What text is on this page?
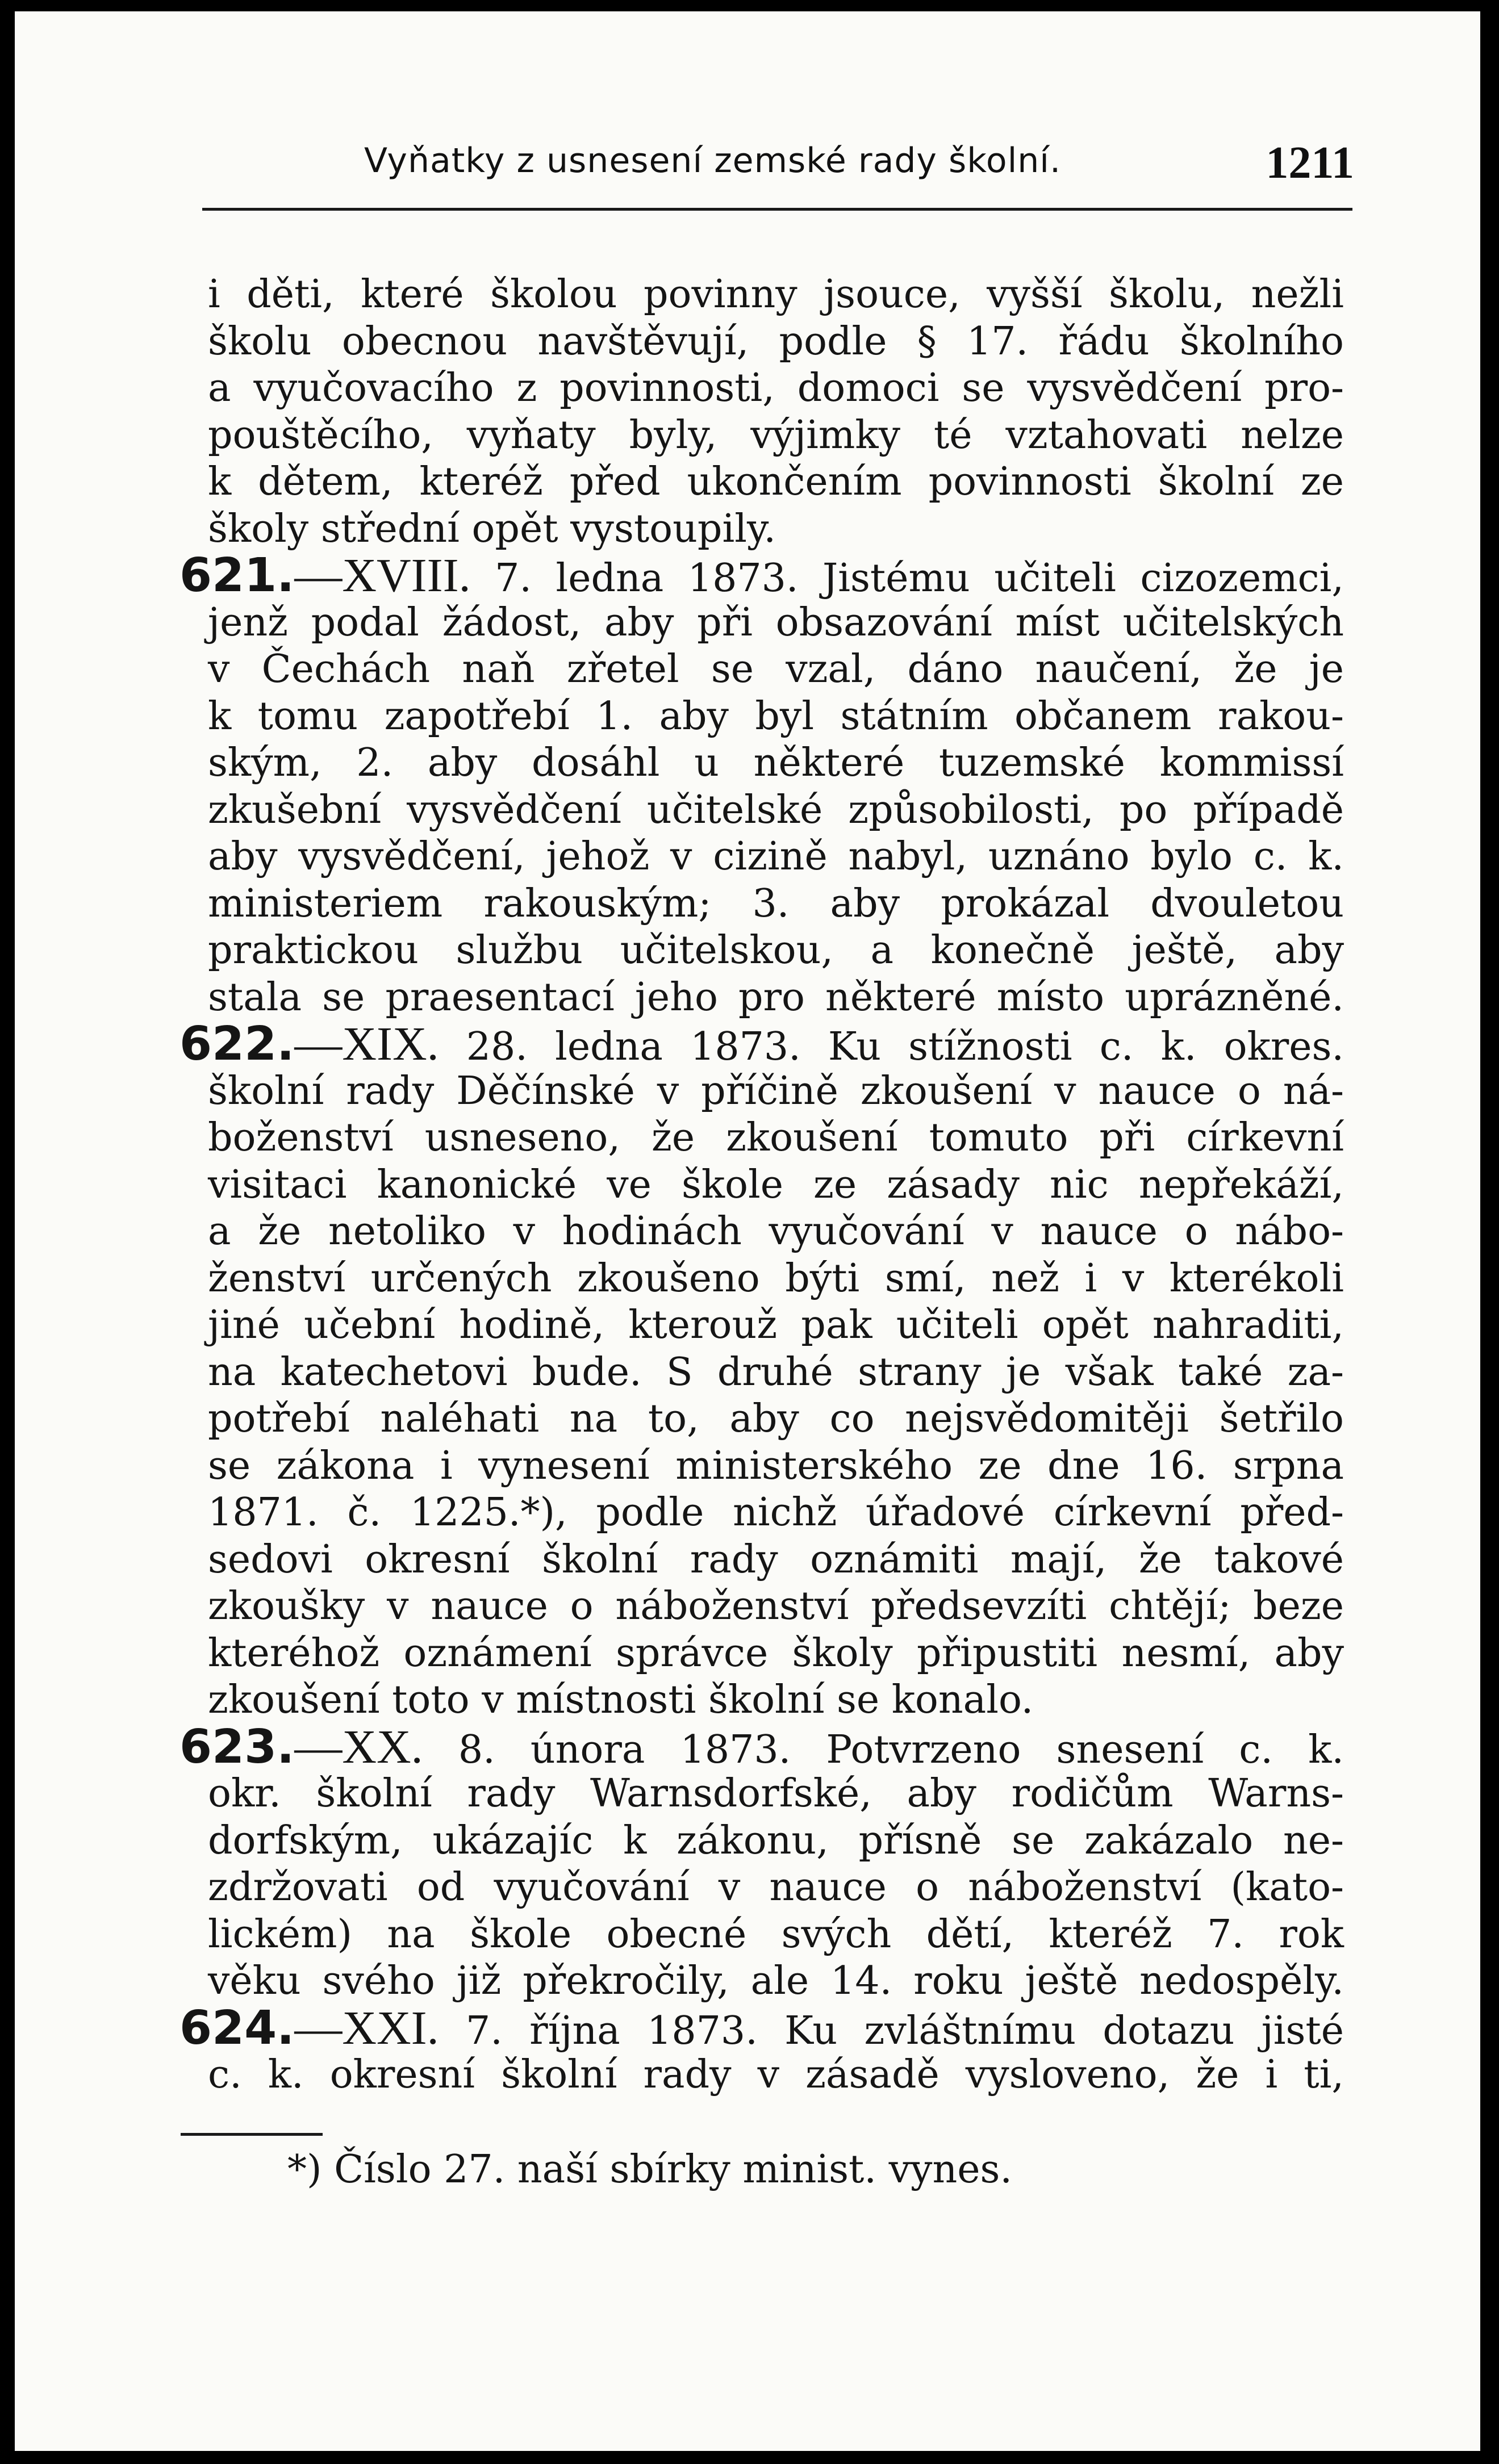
Vyňatky z usnesení zemské rady školní.	1211
i děti, které školou povinny jsouce, vyšší školu, nežli
školu obecnou navštěvují, podle § 17. řádu školního
a vyučovacího z povinnosti, domoci se vysvědčení pro-
pouštěcího, vyňaty byly, výjimky té vztahovati nelze
k dětem, kteréž před ukončením povinnosti školní ze
školy střední opět vystoupily.
621.—XVIII. 7. ledna 1873. Jistému učiteli cizozemci,
jenž podal žádost, aby při obsazování míst učitelských
v Čechách naň zřetel se vzal, dáno naučení, že je
k tomu zapotřebí 1. aby byl státním občanem rakou-
ským, 2. aby dosáhl u některé tuzemské kommissí
zkušební vysvědčení učitelské způsobilosti, po případě
aby vysvědčení, jehož v cizině nabyl, uznáno bylo c. k.
ministeriem rakouským; 3. aby prokázal dvouletou
praktickou službu učitelskou, a konečně ještě, aby
stala se praesentací jeho pro některé místo uprázněné.
622.—XIX. 28. ledna 1873. Ku stížnosti c. k. okres.
školní rady Děčínské v příčině zkoušení v nauce o ná-
boženství usneseno, že zkoušení tomuto při církevní
visitaci kanonické ve škole ze zásady nic nepřekáží,
a že netoliko v hodinách vyučování v nauce o nábo-
ženství určených zkoušeno býti smí, než i v kterékoli
jiné učební hodině, kterouž pak učiteli opět nahraditi,
na katechetovi bude. S druhé strany je však také za-
potřebí naléhati na to, aby co nejsvědomitěji šetřilo
se zákona i vynesení ministerského ze dne 16. srpna
1871. č. 1225.*), podle nichž úřadové církevní před-
sedovi okresní školní rady oznámiti mají, že takové
zkoušky v nauce o náboženství předsevzíti chtějí; beze
kteréhož oznámení správce školy připustiti nesmí, aby
zkoušení toto v místnosti školní se konalo.
623.—XX. 8. února 1873. Potvrzeno snesení c. k.
okr. školní rady Warnsdorfské, aby rodičům Warns-
dorfským, ukázajíc k zákonu, přísně se zakázalo ne-
zdržovati od vyučování v nauce o náboženství (kato-
lickém) na škole obecné svých dětí, kteréž 7. rok
věku svého již překročily, ale 14. roku ještě nedospěly.
624.—XXI. 7. října 1873. Ku zvláštnímu dotazu jisté
c. k. okresní školní rady v zásadě vysloveno, že i ti,
*) Číslo 27. naší sbírky minist. vynes.
